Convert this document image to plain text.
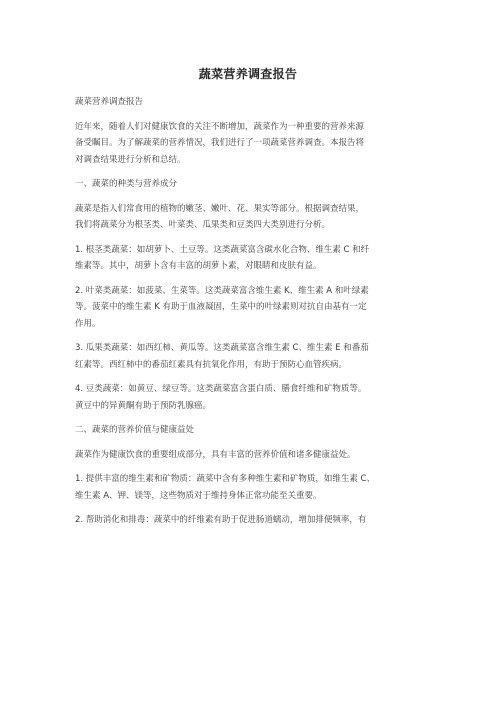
蔬菜营养调查报告
蔬菜营养调查报告
近年来，随着人们对健康饮食的关注不断增加，蔬菜作为一种重要的营养来源
备受瞩目。为了解蔬菜的营养情况，我们进行了一项蔬菜营养调查。本报告将
对调查结果进行分析和总结。
一、蔬菜的种类与营养成分
蔬菜是指人们常食用的植物的嫩茎、嫩叶、花、果实等部分。根据调查结果，
我们将蔬菜分为根茎类、叶菜类、瓜果类和豆类四大类别进行分析。
1. 根茎类蔬菜：如胡萝卜、土豆等。这类蔬菜富含碳水化合物、维生素 C 和纤
维素等。其中，胡萝卜含有丰富的胡萝卜素，对眼睛和皮肤有益。
2. 叶菜类蔬菜：如菠菜、生菜等。这类蔬菜富含维生素 K、维生素 A 和叶绿素
等。菠菜中的维生素 K 有助于血液凝固，生菜中的叶绿素则对抗自由基有一定
作用。
3. 瓜果类蔬菜：如西红柿、黄瓜等。这类蔬菜富含维生素 C、维生素 E 和番茄
红素等。西红柿中的番茄红素具有抗氧化作用，有助于预防心血管疾病。
4. 豆类蔬菜：如黄豆、绿豆等。这类蔬菜富含蛋白质、膳食纤维和矿物质等。
黄豆中的异黄酮有助于预防乳腺癌。
二、蔬菜的营养价值与健康益处
蔬菜作为健康饮食的重要组成部分，具有丰富的营养价值和诸多健康益处。
1. 提供丰富的维生素和矿物质：蔬菜中含有多种维生素和矿物质，如维生素 C、
维生素 A、钾、镁等，这些物质对于维持身体正常功能至关重要。
2. 帮助消化和排毒：蔬菜中的纤维素有助于促进肠道蠕动，增加排便频率，有
